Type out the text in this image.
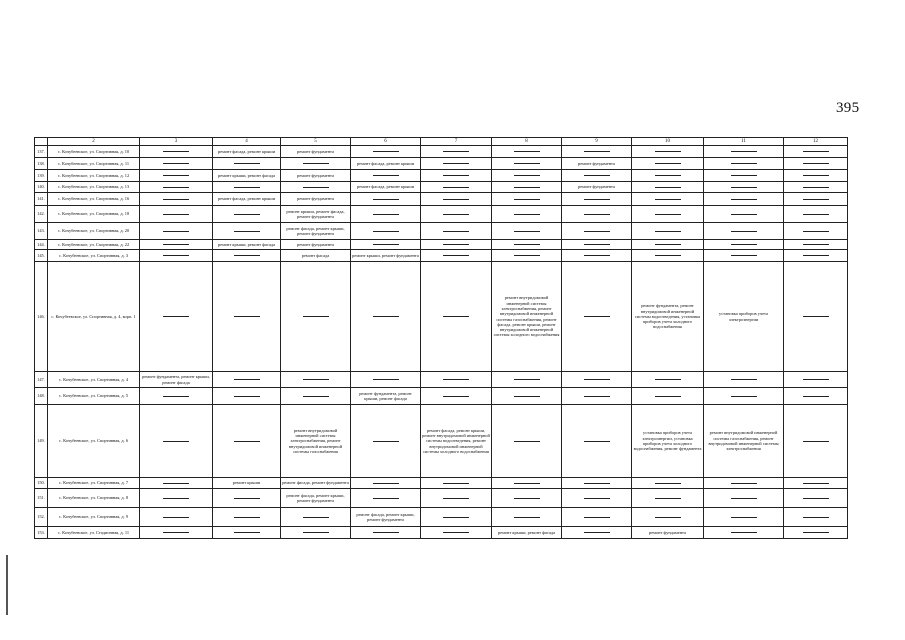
395
	2	3	4	5	6	7	8	9	10	11	12
137.	с. Кочубеевское, ул. Спортивная, д. 10		ремонт фасада, ремонт крыши	ремонт фундамента							

138.	с. Кочубеевское, ул. Спортивная, д. 11				ремонт фасада, ремонт крыши			ремонт фундамента			

139.	с. Кочубеевское, ул. Спортивная, д. 12		ремонт крыши, ремонт фасада	ремонт фундамента							

140.	с. Кочубеевское, ул. Спортивная, д. 13				ремонт фасада, ремонт крыши			ремонт фундамента			

141.	с. Кочубеевское, ул. Спортивная, д. 16		ремонт фасада, ремонт крыши	ремонт фундамента							

142.	с. Кочубеевское, ул. Спортивная, д. 18			ремонт крыши, ремонт фасада, ремонт фундамента							

143.	с. Кочубеевское, ул. Спортивная, д. 20			ремонт фасада, ремонт крыши, ремонт фундамента							

144.	с. Кочубеевское, ул. Спортивная, д. 22		ремонт крыши, ремонт фасада	ремонт фундамента							

145.	с. Кочубеевское, ул. Спортивная, д. 3			ремонт фасада	ремонт крыши, ремонт фундамента						

146.	с. Кочубеевское, ул. Спортивная, д. 4, корп. 1						ремонт внутридомовой инженерной системы электроснабжения, ремонт внутридомовой инженерной системы газоснабжения, ремонт фасада, ремонт крыши, ремонт внутридомовой инженерной системы холодного водоснабжения		ремонт фундамента, ремонт внутридомовой инженерной системы водоотведения, установка приборов учета холодного водоснабжения	установка приборов учета электроэнергии	

147.	с. Кочубеевское, ул. Спортивная, д. 4	ремонт фундамента, ремонт крыши, ремонт фасада									

148.	с. Кочубеевское, ул. Спортивная, д. 5				ремонт фундамента, ремонт крыши, ремонт фасада						

149.	с. Кочубеевское, ул. Спортивная, д. 6			ремонт внутридомовой инженерной системы электроснабжения, ремонт внутридомовой инженерной системы газоснабжения		ремонт фасада, ремонт крыши, ремонт внутридомовой инженерной системы водоотведения, ремонт внутридомовой инженерной системы холодного водоснабжения			установка приборов учета электроэнергии, установка приборов учета холодного водоснабжения, ремонт фундамента	ремонт внутридомовой инженерной системы газоснабжения, ремонт внутридомовой инженерной системы электроснабжения	

150.	с. Кочубеевское, ул. Спортивная, д. 7		ремонт крыши	ремонт фасада, ремонт фундамента							

151.	с. Кочубеевское, ул. Спортивная, д. 8			ремонт фасада, ремонт крыши, ремонт фундамента							

152.	с. Кочубеевское, ул. Спортивная, д. 9				ремонт фасада, ремонт крыши, ремонт фундамента						

153.	с. Кочубеевское, ул. Стадионная, д. 11						ремонт крыши, ремонт фасада		ремонт фундамента		
